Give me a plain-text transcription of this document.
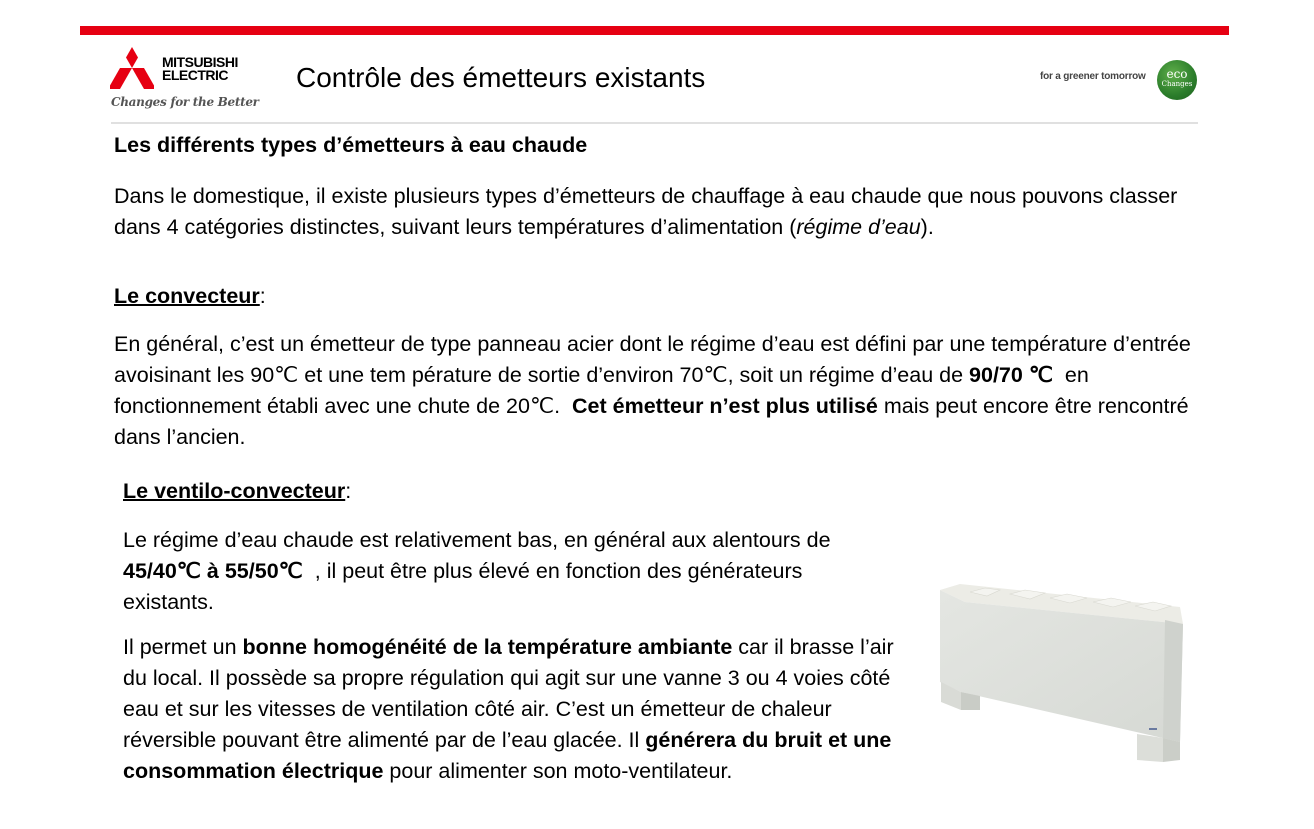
MITSUBISHI
ELECTRIC
Changes for the Better
Contrôle des émetteurs existants	for a greener tomorrow	eco
Changes
Les différents types d’émetteurs à eau chaude
Dans le domestique, il existe plusieurs types d’émetteurs de chauffage à eau chaude que nous pouvons classer dans 4 catégories distinctes, suivant leurs températures d’alimentation (régime d’eau).
Le convecteur:
En général, c’est un émetteur de type panneau acier dont le régime d’eau est défini par une température d’entrée avoisinant les 90℃ et une tem pérature de sortie d’environ 70℃, soit un régime d’eau de 90/70 ℃  en fonctionnement établi avec une chute de 20℃.  Cet émetteur n’est plus utilisé mais peut encore être rencontré dans l’ancien.
Le ventilo-convecteur:
Le régime d’eau chaude est relativement bas, en général aux alentours de 45/40℃ à 55/50℃  , il peut être plus élevé en fonction des générateurs existants.
Il permet un bonne homogénéité de la température ambiante car il brasse l’air du local. Il possède sa propre régulation qui agit sur une vanne 3 ou 4 voies côté eau et sur les vitesses de ventilation côté air. C’est un émetteur de chaleur réversible pouvant être alimenté par de l’eau glacée. Il générera du bruit et une consommation électrique pour alimenter son moto-ventilateur.
